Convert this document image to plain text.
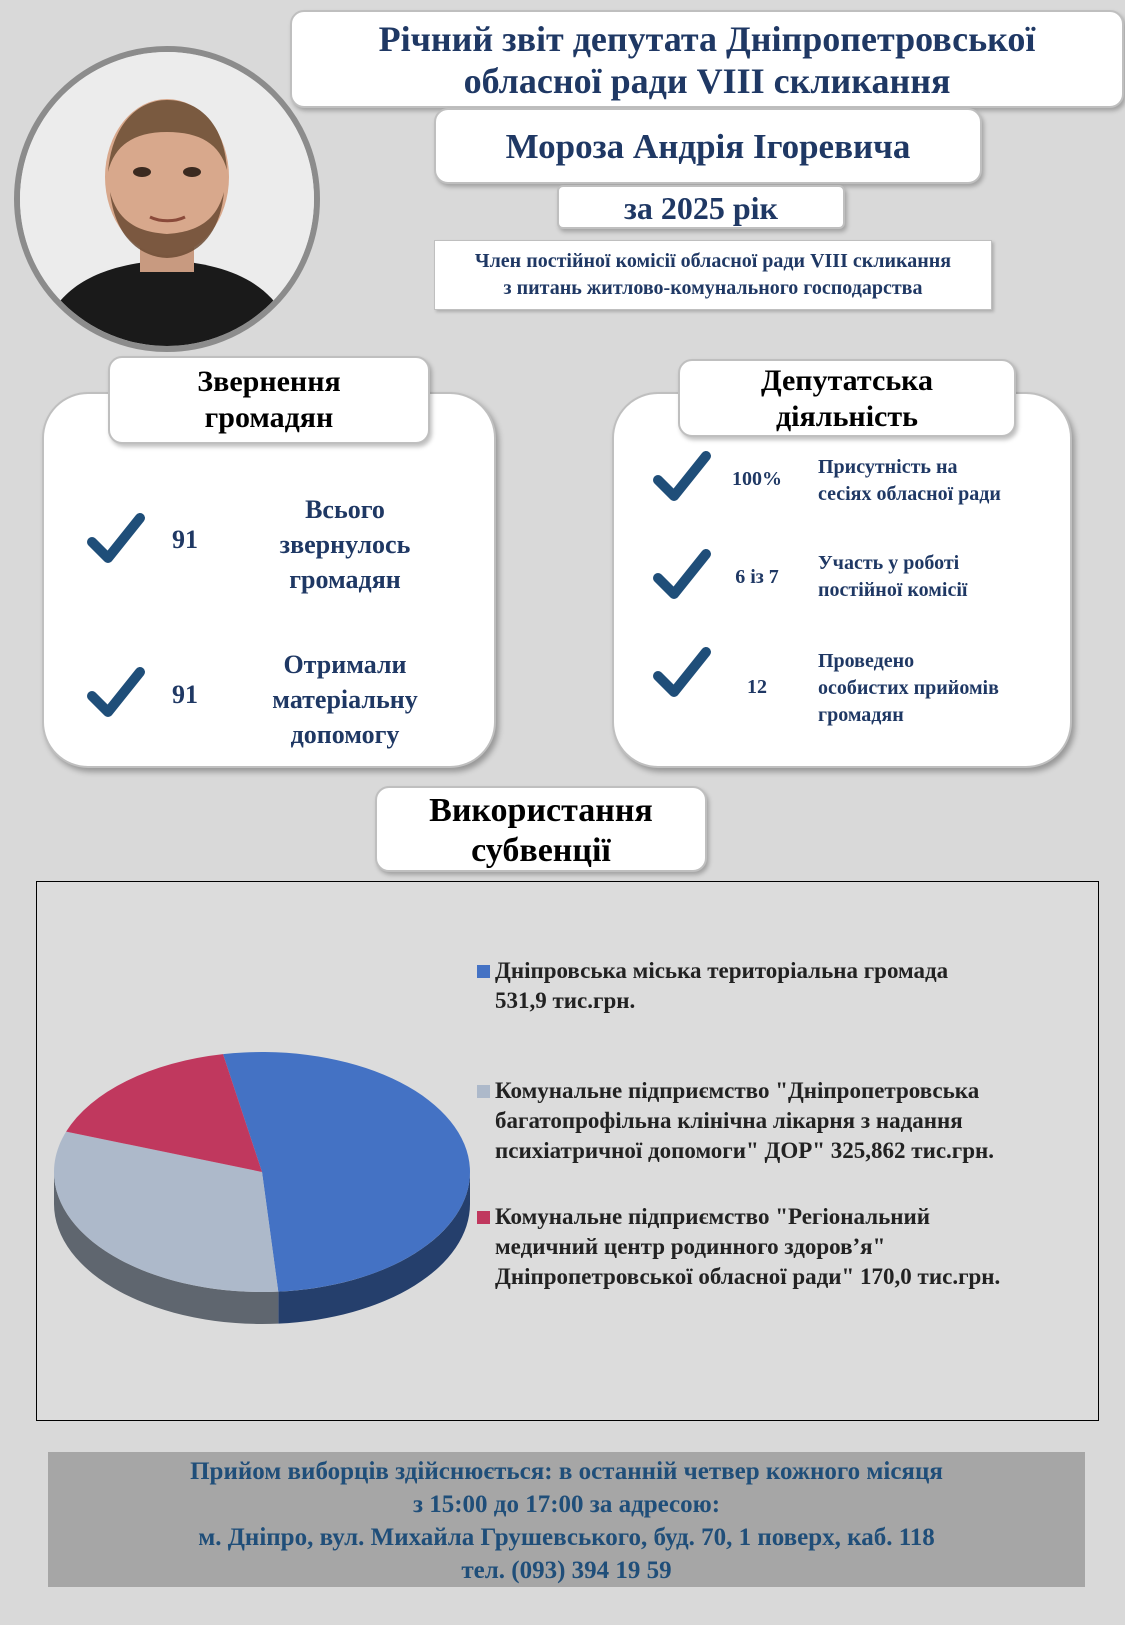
Річний звіт депутата Дніпропетровської
обласної ради VIII скликання
Мороза Андрія Ігоревича
за 2025 рік
Член постійної комісії обласної ради VIII скликання
з питань житлово-комунального господарства
Звернення
громадян
91
Всього
звернулось
громадян
91
Отримали
матеріальну
допомогу
Депутатська
діяльність
100%
Присутність на
сесіях обласної ради
6 із 7
Участь у роботі
постійної комісії
12
Проведено
особистих прийомів
громадян
Використання
субвенції
Дніпровська міська територіальна громада
531,9 тис.грн.
Комунальне підприємство "Дніпропетровська
багатопрофільна клінічна лікарня з надання
психіатричної допомоги" ДОР" 325,862 тис.грн.
Комунальне підприємство "Регіональний
медичний центр родинного здоров’я"
Дніпропетровської обласної ради" 170,0 тис.грн.
Прийом виборців здійснюється: в останній четвер кожного місяця
з 15:00 до 17:00 за адресою:
м. Дніпро, вул. Михайла Грушевського, буд. 70, 1 поверх, каб. 118
тел. (093) 394 19 59
